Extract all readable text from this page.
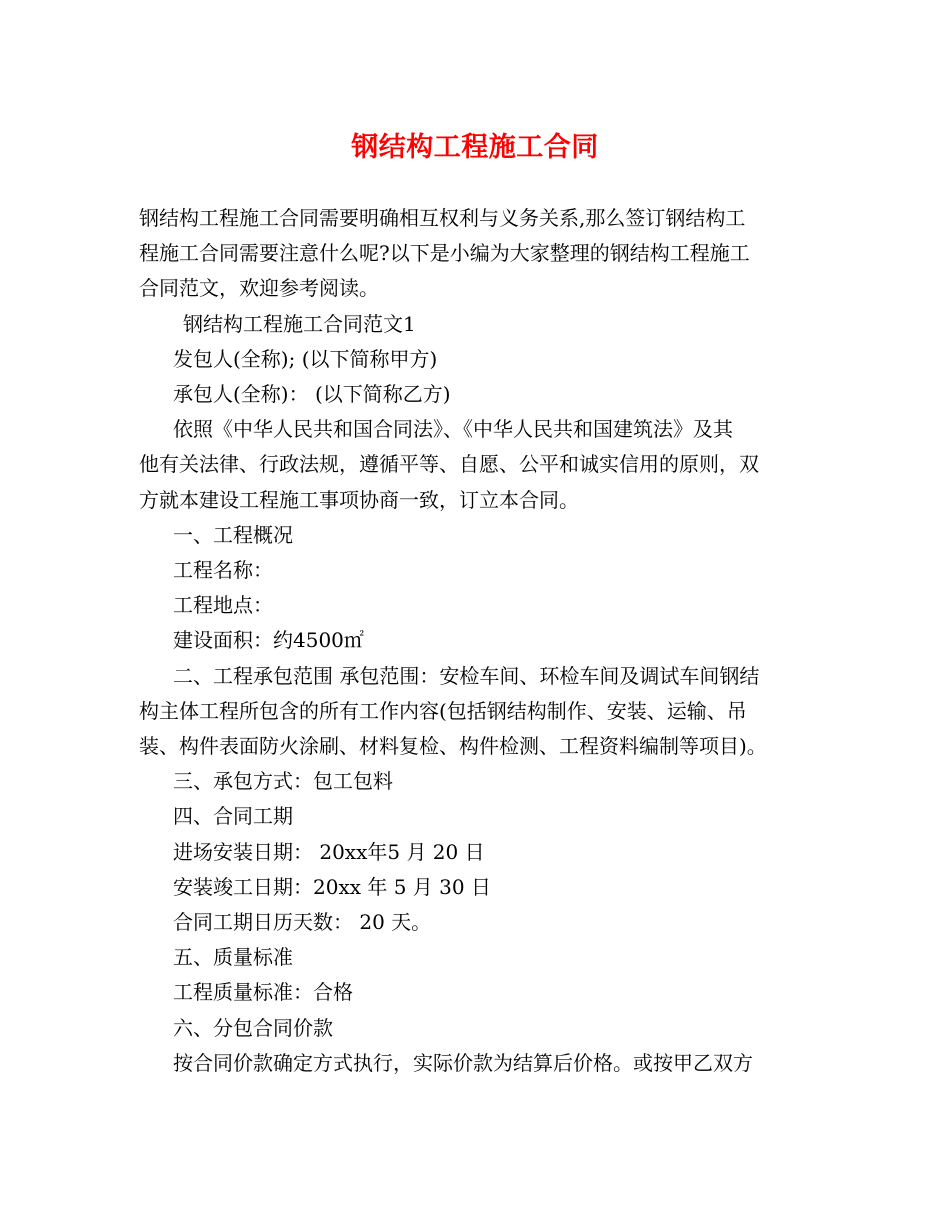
钢结构工程施工合同

钢结构工程施工合同需要明确相互权利与义务关系,那么签订钢结构工
程施工合同需要注意什么呢?以下是小编为大家整理的钢结构工程施工
合同范文，欢迎参考阅读。

钢结构工程施工合同范文1

发包人(全称); (以下简称甲方)

承包人(全称)： (以下简称乙方)

依照《中华人民共和国合同法》、《中华人民共和国建筑法》及其
他有关法律、行政法规，遵循平等、自愿、公平和诚实信用的原则，双
方就本建设工程施工事项协商一致，订立本合同。

一、工程概况

工程名称：

工程地点：

建设面积：约4500㎡

二、工程承包范围 承包范围：安检车间、环检车间及调试车间钢结
构主体工程所包含的所有工作内容(包括钢结构制作、安装、运输、吊
装、构件表面防火涂刷、材料复检、构件检测、工程资料编制等项目)。

三、承包方式：包工包料

四、合同工期

进场安装日期： 20xx年5 月 20 日

安装竣工日期：20xx 年 5 月 30 日

合同工期日历天数： 20 天。

五、质量标准

工程质量标准：合格

六、分包合同价款

按合同价款确定方式执行，实际价款为结算后价格。或按甲乙双方
